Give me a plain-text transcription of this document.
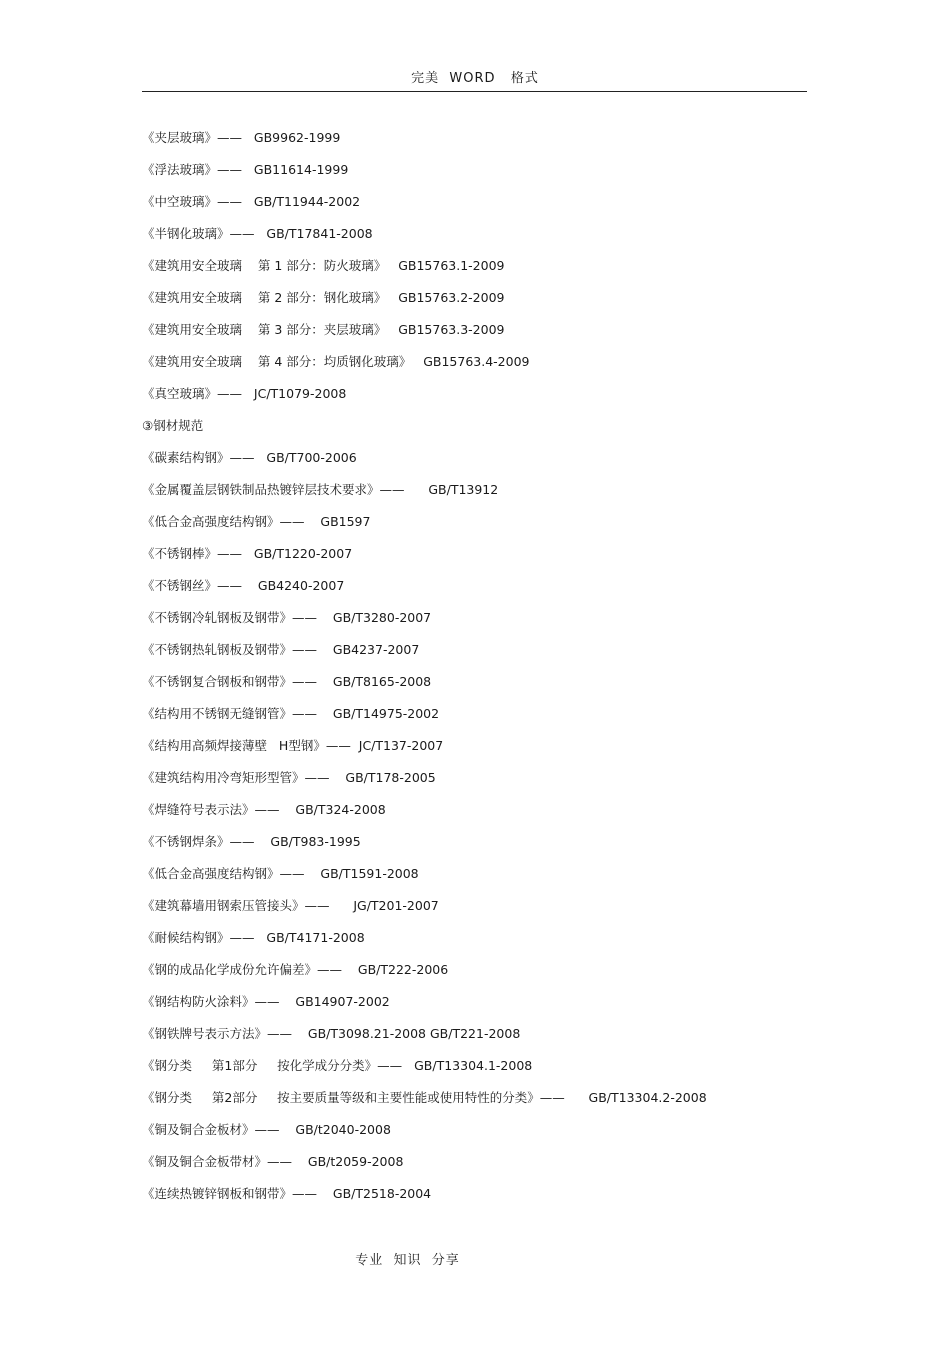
完美  WORD   格式
《夹层玻璃》——   GB9962-1999
《浮法玻璃》——   GB11614-1999
《中空玻璃》——   GB/T11944-2002
《半钢化玻璃》——   GB/T17841-2008
《建筑用安全玻璃    第 1 部分：防火玻璃》   GB15763.1-2009
《建筑用安全玻璃    第 2 部分：钢化玻璃》   GB15763.2-2009
《建筑用安全玻璃    第 3 部分：夹层玻璃》   GB15763.3-2009
《建筑用安全玻璃    第 4 部分：均质钢化玻璃》   GB15763.4-2009
《真空玻璃》——   JC/T1079-2008
③钢材规范
《碳素结构钢》——   GB/T700-2006
《金属覆盖层钢铁制品热镀锌层技术要求》——      GB/T13912
《低合金高强度结构钢》——    GB1597
《不锈钢棒》——   GB/T1220-2007
《不锈钢丝》——    GB4240-2007
《不锈钢冷轧钢板及钢带》——    GB/T3280-2007
《不锈钢热轧钢板及钢带》——    GB4237-2007
《不锈钢复合钢板和钢带》——    GB/T8165-2008
《结构用不锈钢无缝钢管》——    GB/T14975-2002
《结构用高频焊接薄壁   H型钢》——  JC/T137-2007
《建筑结构用冷弯矩形型管》——    GB/T178-2005
《焊缝符号表示法》——    GB/T324-2008
《不锈钢焊条》——    GB/T983-1995
《低合金高强度结构钢》——    GB/T1591-2008
《建筑幕墙用钢索压管接头》——      JG/T201-2007
《耐候结构钢》——   GB/T4171-2008
《钢的成品化学成份允许偏差》——    GB/T222-2006
《钢结构防火涂料》——    GB14907-2002
《钢铁牌号表示方法》——    GB/T3098.21-2008 GB/T221-2008
《钢分类     第1部分     按化学成分分类》——   GB/T13304.1-2008
《钢分类     第2部分     按主要质量等级和主要性能或使用特性的分类》——      GB/T13304.2-2008
《铜及铜合金板材》——    GB/t2040-2008
《铜及铜合金板带材》——    GB/t2059-2008
《连续热镀锌钢板和钢带》——    GB/T2518-2004
专业  知识  分享
